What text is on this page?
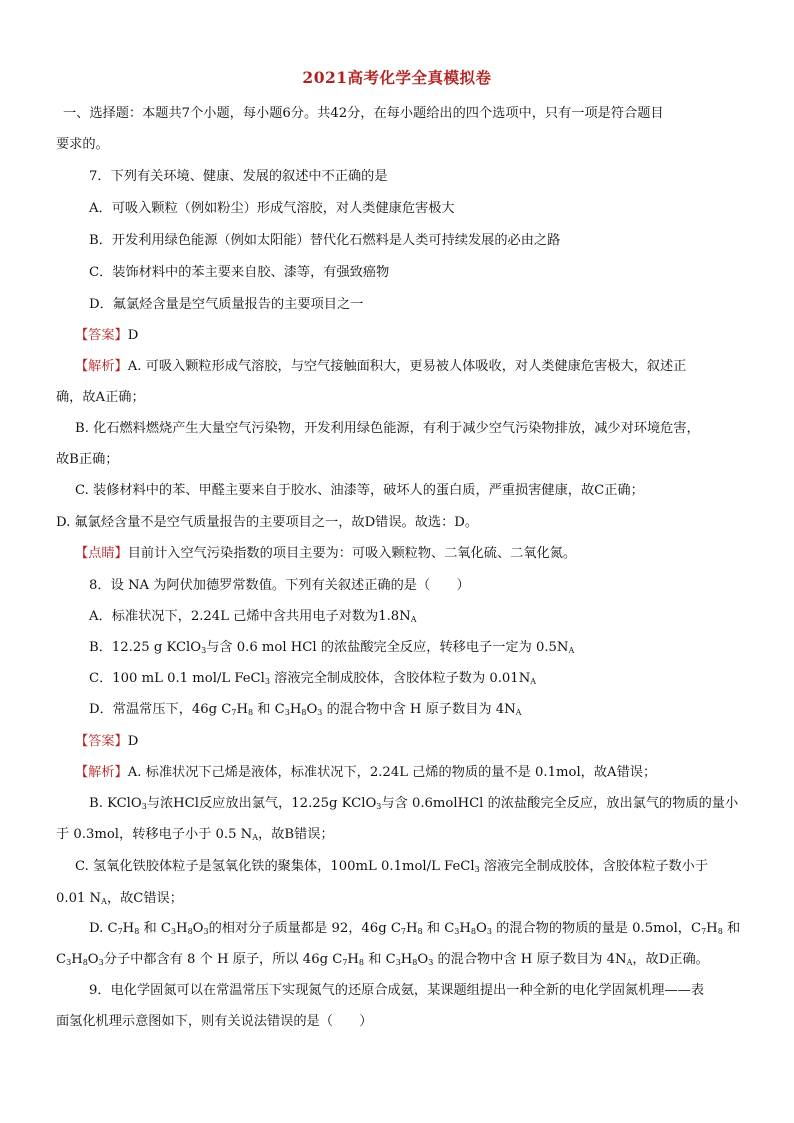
2021高考化学全真模拟卷
一、选择题：本题共7个小题，每小题6分。共42分，在每小题给出的四个选项中，只有一项是符合题目
要求的。
7．下列有关环境、健康、发展的叙述中不正确的是
A．可吸入颗粒（例如粉尘）形成气溶胶，对人类健康危害极大
B．开发利用绿色能源（例如太阳能）替代化石燃料是人类可持续发展的必由之路
C．装饰材料中的苯主要来自胶、漆等，有强致癌物
D．氟氯烃含量是空气质量报告的主要项目之一
【答案】D
【解析】A. 可吸入颗粒形成气溶胶，与空气接触面积大，更易被人体吸收，对人类健康危害极大，叙述正
确，故A正确；
B. 化石燃料燃烧产生大量空气污染物，开发利用绿色能源，有利于减少空气污染物排放，减少对环境危害，
故B正确；
C. 装修材料中的苯、甲醛主要来自于胶水、油漆等，破坏人的蛋白质，严重损害健康，故C正确；
D. 氟氯烃含量不是空气质量报告的主要项目之一，故D错误。故选：D。
【点睛】目前计入空气污染指数的项目主要为：可吸入颗粒物、二氧化硫、二氧化氮。
8．设 NA 为阿伏加德罗常数值。下列有关叙述正确的是（　　）
A．标准状况下，2.24L 己烯中含共用电子对数为$1.8N_A$
B．12.25 g KClO$_3$与含 0.6 mol HCl 的浓盐酸完全反应，转移电子一定为 $0.5N_A$
C．100 mL 0.1 mol/L FeCl$_3$ 溶液完全制成胶体，含胶体粒子数为 $0.01N_A$
D．常温常压下，46g $C_7H_8$ 和 $C_3H_8O_3$ 的混合物中含 H 原子数目为 $4N_A$
【答案】D
【解析】A. 标准状况下己烯是液体，标准状况下，2.24L 己烯的物质的量不是 0.1mol，故A错误；
B. KClO$_3$与浓HCl反应放出氯气，12.25g KClO$_3$与含 0.6molHCl 的浓盐酸完全反应，放出氯气的物质的量小
于 0.3mol，转移电子小于 0.5 $N_A$，故B错误；
C. 氢氧化铁胶体粒子是氢氧化铁的聚集体，100mL 0.1mol/L FeCl$_3$ 溶液完全制成胶体，含胶体粒子数小于
0.01 $N_A$，故C错误；
D. $C_7H_8$ 和 $C_3H_8O_3$的相对分子质量都是 92，46g $C_7H_8$ 和 $C_3H_8O_3$ 的混合物的物质的量是 0.5mol，$C_7H_8$ 和
$C_3H_8O_3$分子中都含有 8 个 H 原子，所以 46g $C_7H_8$ 和 $C_3H_8O_3$ 的混合物中含 H 原子数目为 $4N_A$，故D正确。
9．电化学固氮可以在常温常压下实现氮气的还原合成氨，某课题组提出一种全新的电化学固氮机理——表
面氢化机理示意图如下，则有关说法错误的是（　　）
